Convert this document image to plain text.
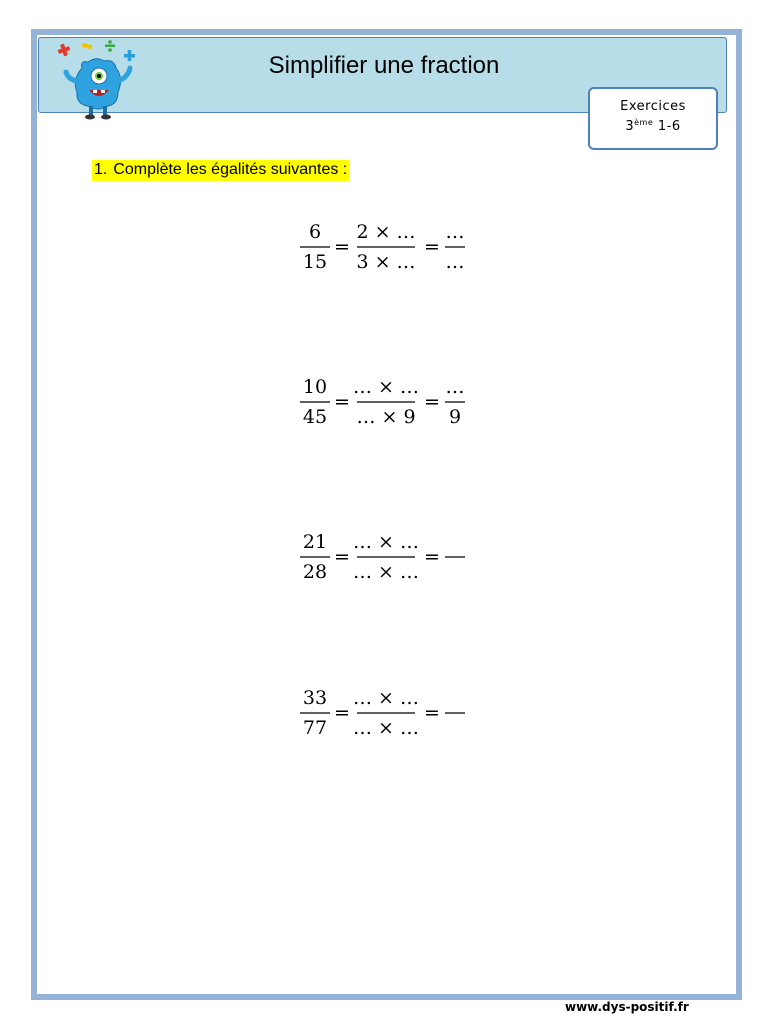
Simplifier une fraction
Exercices
3ème 1-6
1. Complète les égalités suivantes :
6
15
=
2 × …
3 × …
=
…
…
10
45
=
… × …
… × 9
=
…
9
21
28
=
… × …
… × …
=
33
77
=
… × …
… × …
=
www.dys-positif.fr
